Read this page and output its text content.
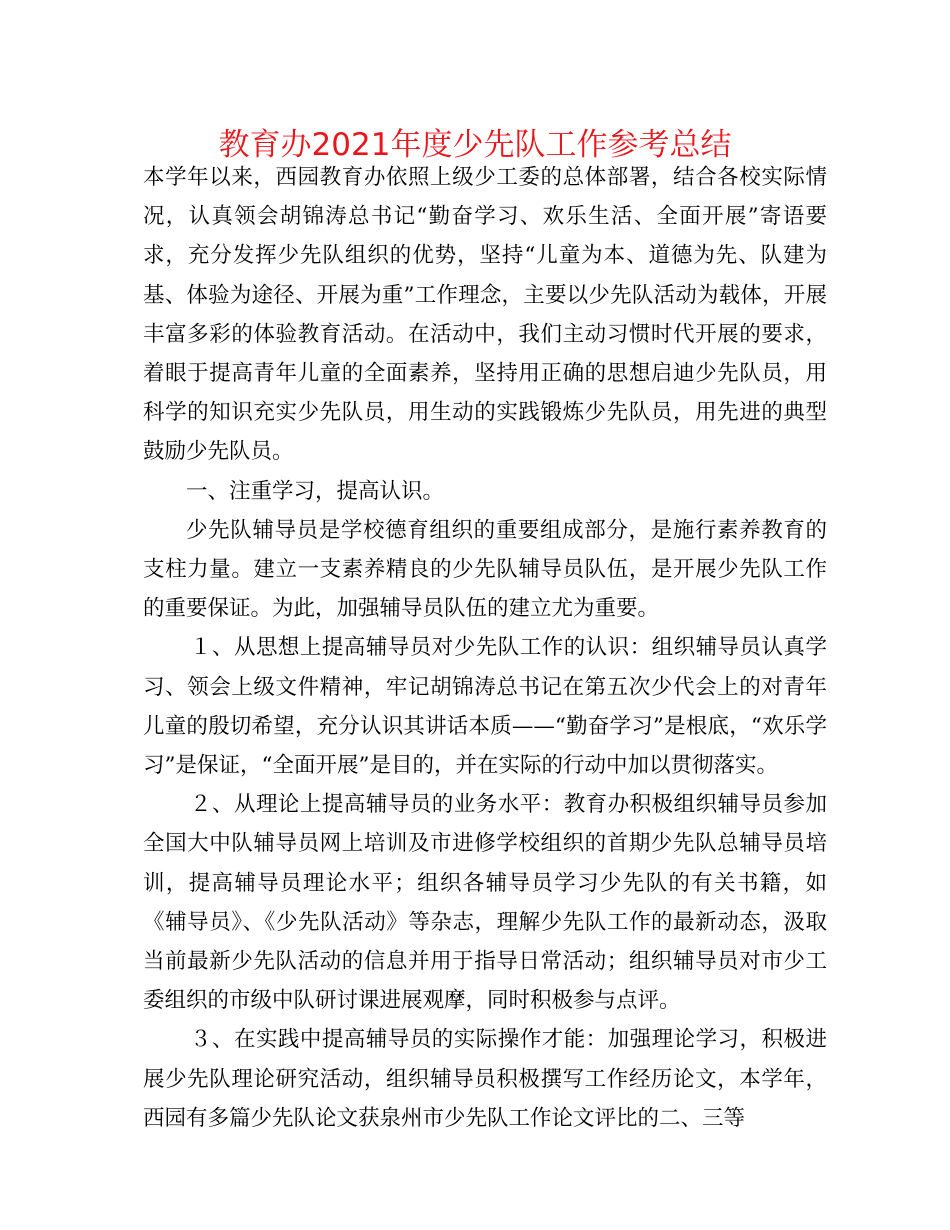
教育办2021年度少先队工作参考总结

本学年以来，西园教育办依照上级少工委的总体部署，结合各校实际情况，认真领会胡锦涛总书记“勤奋学习、欢乐生活、全面开展”寄语要求，充分发挥少先队组织的优势，坚持“儿童为本、道德为先、队建为基、体验为途径、开展为重”工作理念，主要以少先队活动为载体，开展丰富多彩的体验教育活动。在活动中，我们主动习惯时代开展的要求，着眼于提高青年儿童的全面素养，坚持用正确的思想启迪少先队员，用科学的知识充实少先队员，用生动的实践锻炼少先队员，用先进的典型鼓励少先队员。

一、注重学习，提高认识。

少先队辅导员是学校德育组织的重要组成部分，是施行素养教育的支柱力量。建立一支素养精良的少先队辅导员队伍，是开展少先队工作的重要保证。为此，加强辅导员队伍的建立尤为重要。

１、从思想上提高辅导员对少先队工作的认识：组织辅导员认真学习、领会上级文件精神，牢记胡锦涛总书记在第五次少代会上的对青年儿童的殷切希望，充分认识其讲话本质——“勤奋学习”是根底，“欢乐学习”是保证，“全面开展”是目的，并在实际的行动中加以贯彻落实。

２、从理论上提高辅导员的业务水平：教育办积极组织辅导员参加全国大中队辅导员网上培训及市进修学校组织的首期少先队总辅导员培训，提高辅导员理论水平；组织各辅导员学习少先队的有关书籍，如《辅导员》、《少先队活动》等杂志，理解少先队工作的最新动态，汲取当前最新少先队活动的信息并用于指导日常活动；组织辅导员对市少工委组织的市级中队研讨课进展观摩，同时积极参与点评。

３、在实践中提高辅导员的实际操作才能：加强理论学习，积极进展少先队理论研究活动，组织辅导员积极撰写工作经历论文，本学年，西园有多篇少先队论文获泉州市少先队工作论文评比的二、三等
